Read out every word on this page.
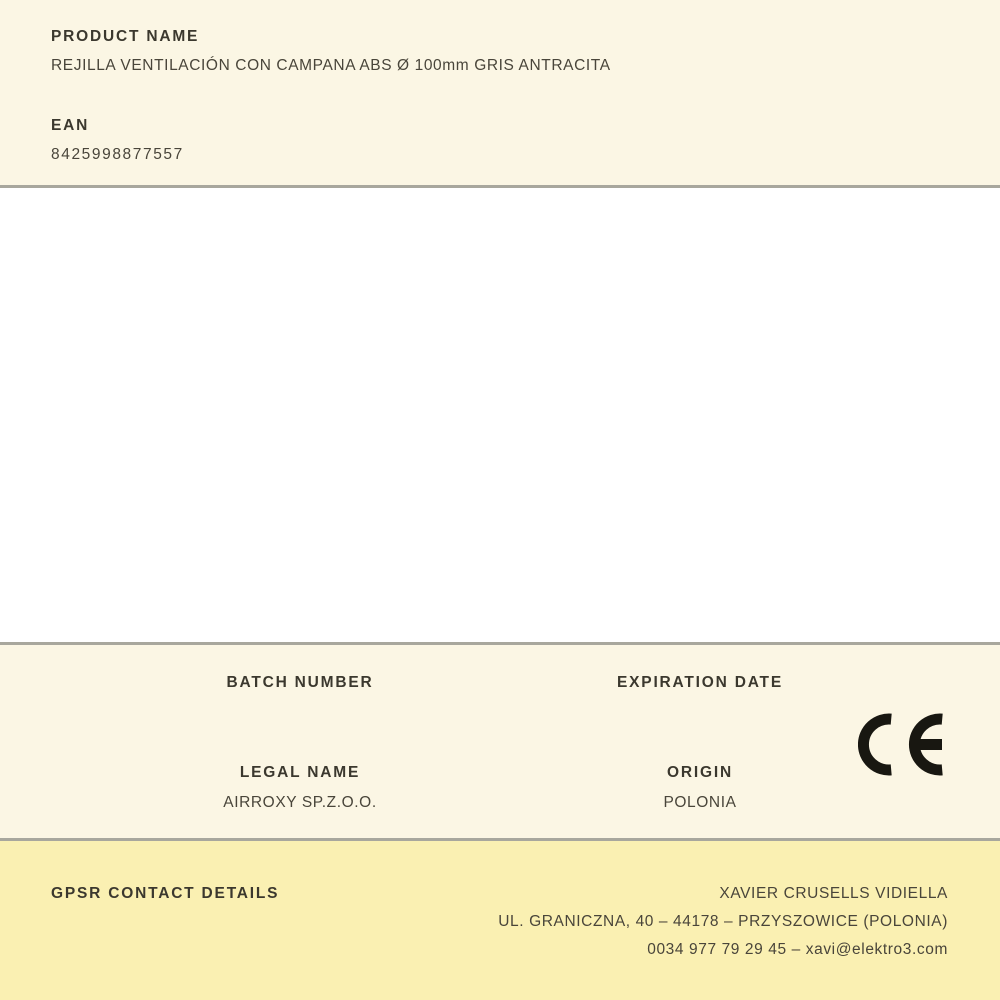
PRODUCT NAME
REJILLA VENTILACIÓN CON CAMPANA ABS Ø 100mm GRIS ANTRACITA
EAN
8425998877557
BATCH NUMBER	EXPIRATION DATE
LEGAL NAME
AIRROXY SP.Z.O.O.
ORIGIN
POLONIA
GPSR CONTACT DETAILS	XAVIER CRUSELLS VIDIELLA
UL. GRANICZNA, 40 – 44178 – PRZYSZOWICE (POLONIA)
0034 977 79 29 45 – xavi@elektro3.com
